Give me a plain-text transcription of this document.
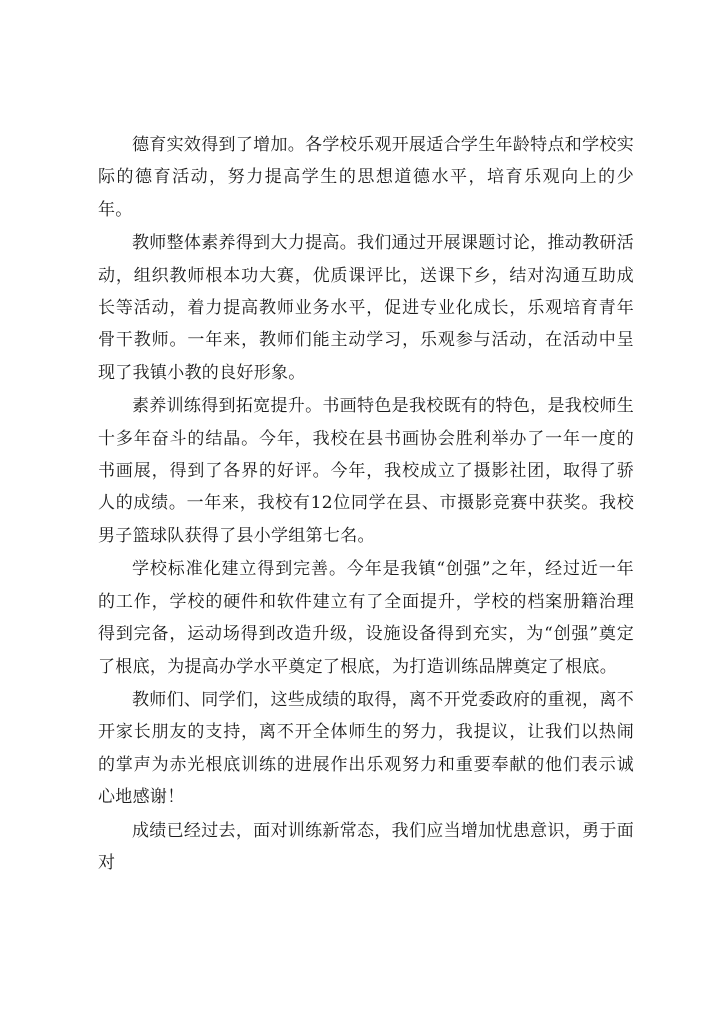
德育实效得到了增加。各学校乐观开展适合学生年龄特点和学校实际的德育活动，努力提高学生的思想道德水平，培育乐观向上的少年。

教师整体素养得到大力提高。我们通过开展课题讨论，推动教研活动，组织教师根本功大赛，优质课评比，送课下乡，结对沟通互助成长等活动，着力提高教师业务水平，促进专业化成长，乐观培育青年骨干教师。一年来，教师们能主动学习，乐观参与活动，在活动中呈现了我镇小教的良好形象。

素养训练得到拓宽提升。书画特色是我校既有的特色，是我校师生十多年奋斗的结晶。今年，我校在县书画协会胜利举办了一年一度的书画展，得到了各界的好评。今年，我校成立了摄影社团，取得了骄人的成绩。一年来，我校有12位同学在县、市摄影竞赛中获奖。我校男子篮球队获得了县小学组第七名。

学校标准化建立得到完善。今年是我镇“创强”之年，经过近一年的工作，学校的硬件和软件建立有了全面提升，学校的档案册籍治理得到完备，运动场得到改造升级，设施设备得到充实，为“创强”奠定了根底，为提高办学水平奠定了根底，为打造训练品牌奠定了根底。

教师们、同学们，这些成绩的取得，离不开党委政府的重视，离不开家长朋友的支持，离不开全体师生的努力，我提议，让我们以热闹的掌声为赤光根底训练的进展作出乐观努力和重要奉献的他们表示诚心地感谢！

成绩已经过去，面对训练新常态，我们应当增加忧患意识，勇于面对
